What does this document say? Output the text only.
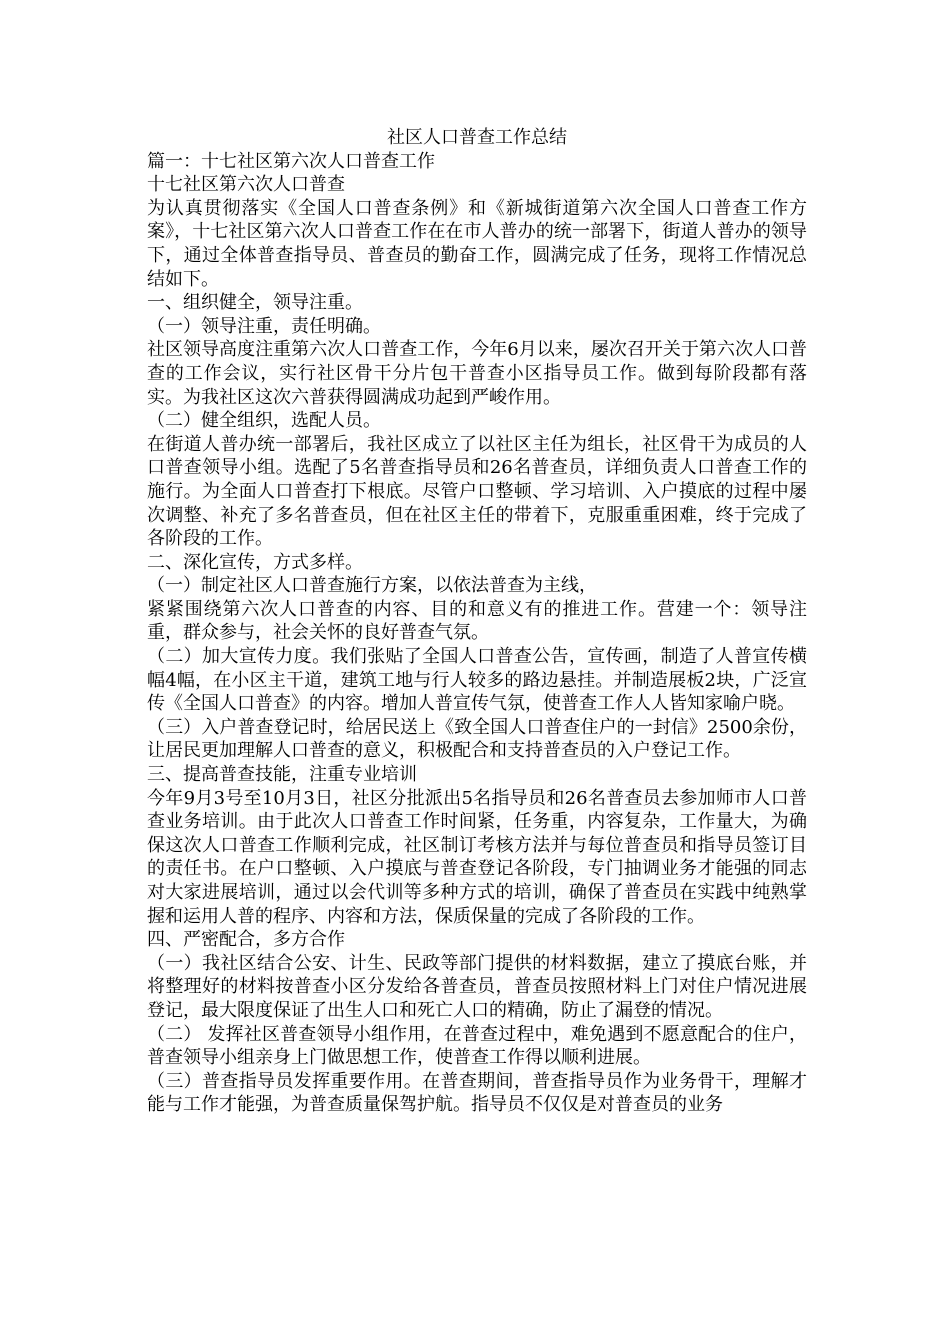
社区人口普查工作总结

篇一：十七社区第六次人口普查工作

十七社区第六次人口普查

为认真贯彻落实《全国人口普查条例》和《新城街道第六次全国人口普查工作方案》，十七社区第六次人口普查工作在在市人普办的统一部署下，街道人普办的领导下，通过全体普查指导员、普查员的勤奋工作，圆满完成了任务，现将工作情况总结如下。

一、组织健全，领导注重。

（一）领导注重，责任明确。

社区领导高度注重第六次人口普查工作，今年6月以来，屡次召开关于第六次人口普查的工作会议，实行社区骨干分片包干普查小区指导员工作。做到每阶段都有落实。为我社区这次六普获得圆满成功起到严峻作用。

（二）健全组织，选配人员。

在街道人普办统一部署后，我社区成立了以社区主任为组长，社区骨干为成员的人口普查领导小组。选配了5名普查指导员和26名普查员，详细负责人口普查工作的施行。为全面人口普查打下根底。尽管户口整顿、学习培训、入户摸底的过程中屡次调整、补充了多名普查员，但在社区主任的带着下，克服重重困难，终于完成了各阶段的工作。

二、深化宣传，方式多样。

（一）制定社区人口普查施行方案，以依法普查为主线，

紧紧围绕第六次人口普查的内容、目的和意义有的推进工作。营建一个：领导注重，群众参与，社会关怀的良好普查气氛。

（二）加大宣传力度。我们张贴了全国人口普查公告，宣传画，制造了人普宣传横幅4幅，在小区主干道，建筑工地与行人较多的路边悬挂。并制造展板2块，广泛宣传《全国人口普查》的内容。增加人普宣传气氛，使普查工作人人皆知家喻户晓。

（三）入户普查登记时，给居民送上《致全国人口普查住户的一封信》2500余份，让居民更加理解人口普查的意义，积极配合和支持普查员的入户登记工作。

三、提高普查技能，注重专业培训

今年9月3号至10月3日，社区分批派出5名指导员和26名普查员去参加师市人口普查业务培训。由于此次人口普查工作时间紧，任务重，内容复杂，工作量大，为确保这次人口普查工作顺利完成，社区制订考核方法并与每位普查员和指导员签订目的责任书。在户口整顿、入户摸底与普查登记各阶段，专门抽调业务才能强的同志对大家进展培训，通过以会代训等多种方式的培训，确保了普查员在实践中纯熟掌握和运用人普的程序、内容和方法，保质保量的完成了各阶段的工作。

四、严密配合，多方合作

（一）我社区结合公安、计生、民政等部门提供的材料数据，建立了摸底台账，并将整理好的材料按普查小区分发给各普查员，普查员按照材料上门对住户情况进展登记，最大限度保证了出生人口和死亡人口的精确，防止了漏登的情况。

（二） 发挥社区普查领导小组作用，在普查过程中，难免遇到不愿意配合的住户，普查领导小组亲身上门做思想工作，使普查工作得以顺利进展。

（三）普查指导员发挥重要作用。在普查期间，普查指导员作为业务骨干，理解才能与工作才能强，为普查质量保驾护航。指导员不仅仅是对普查员的业务
